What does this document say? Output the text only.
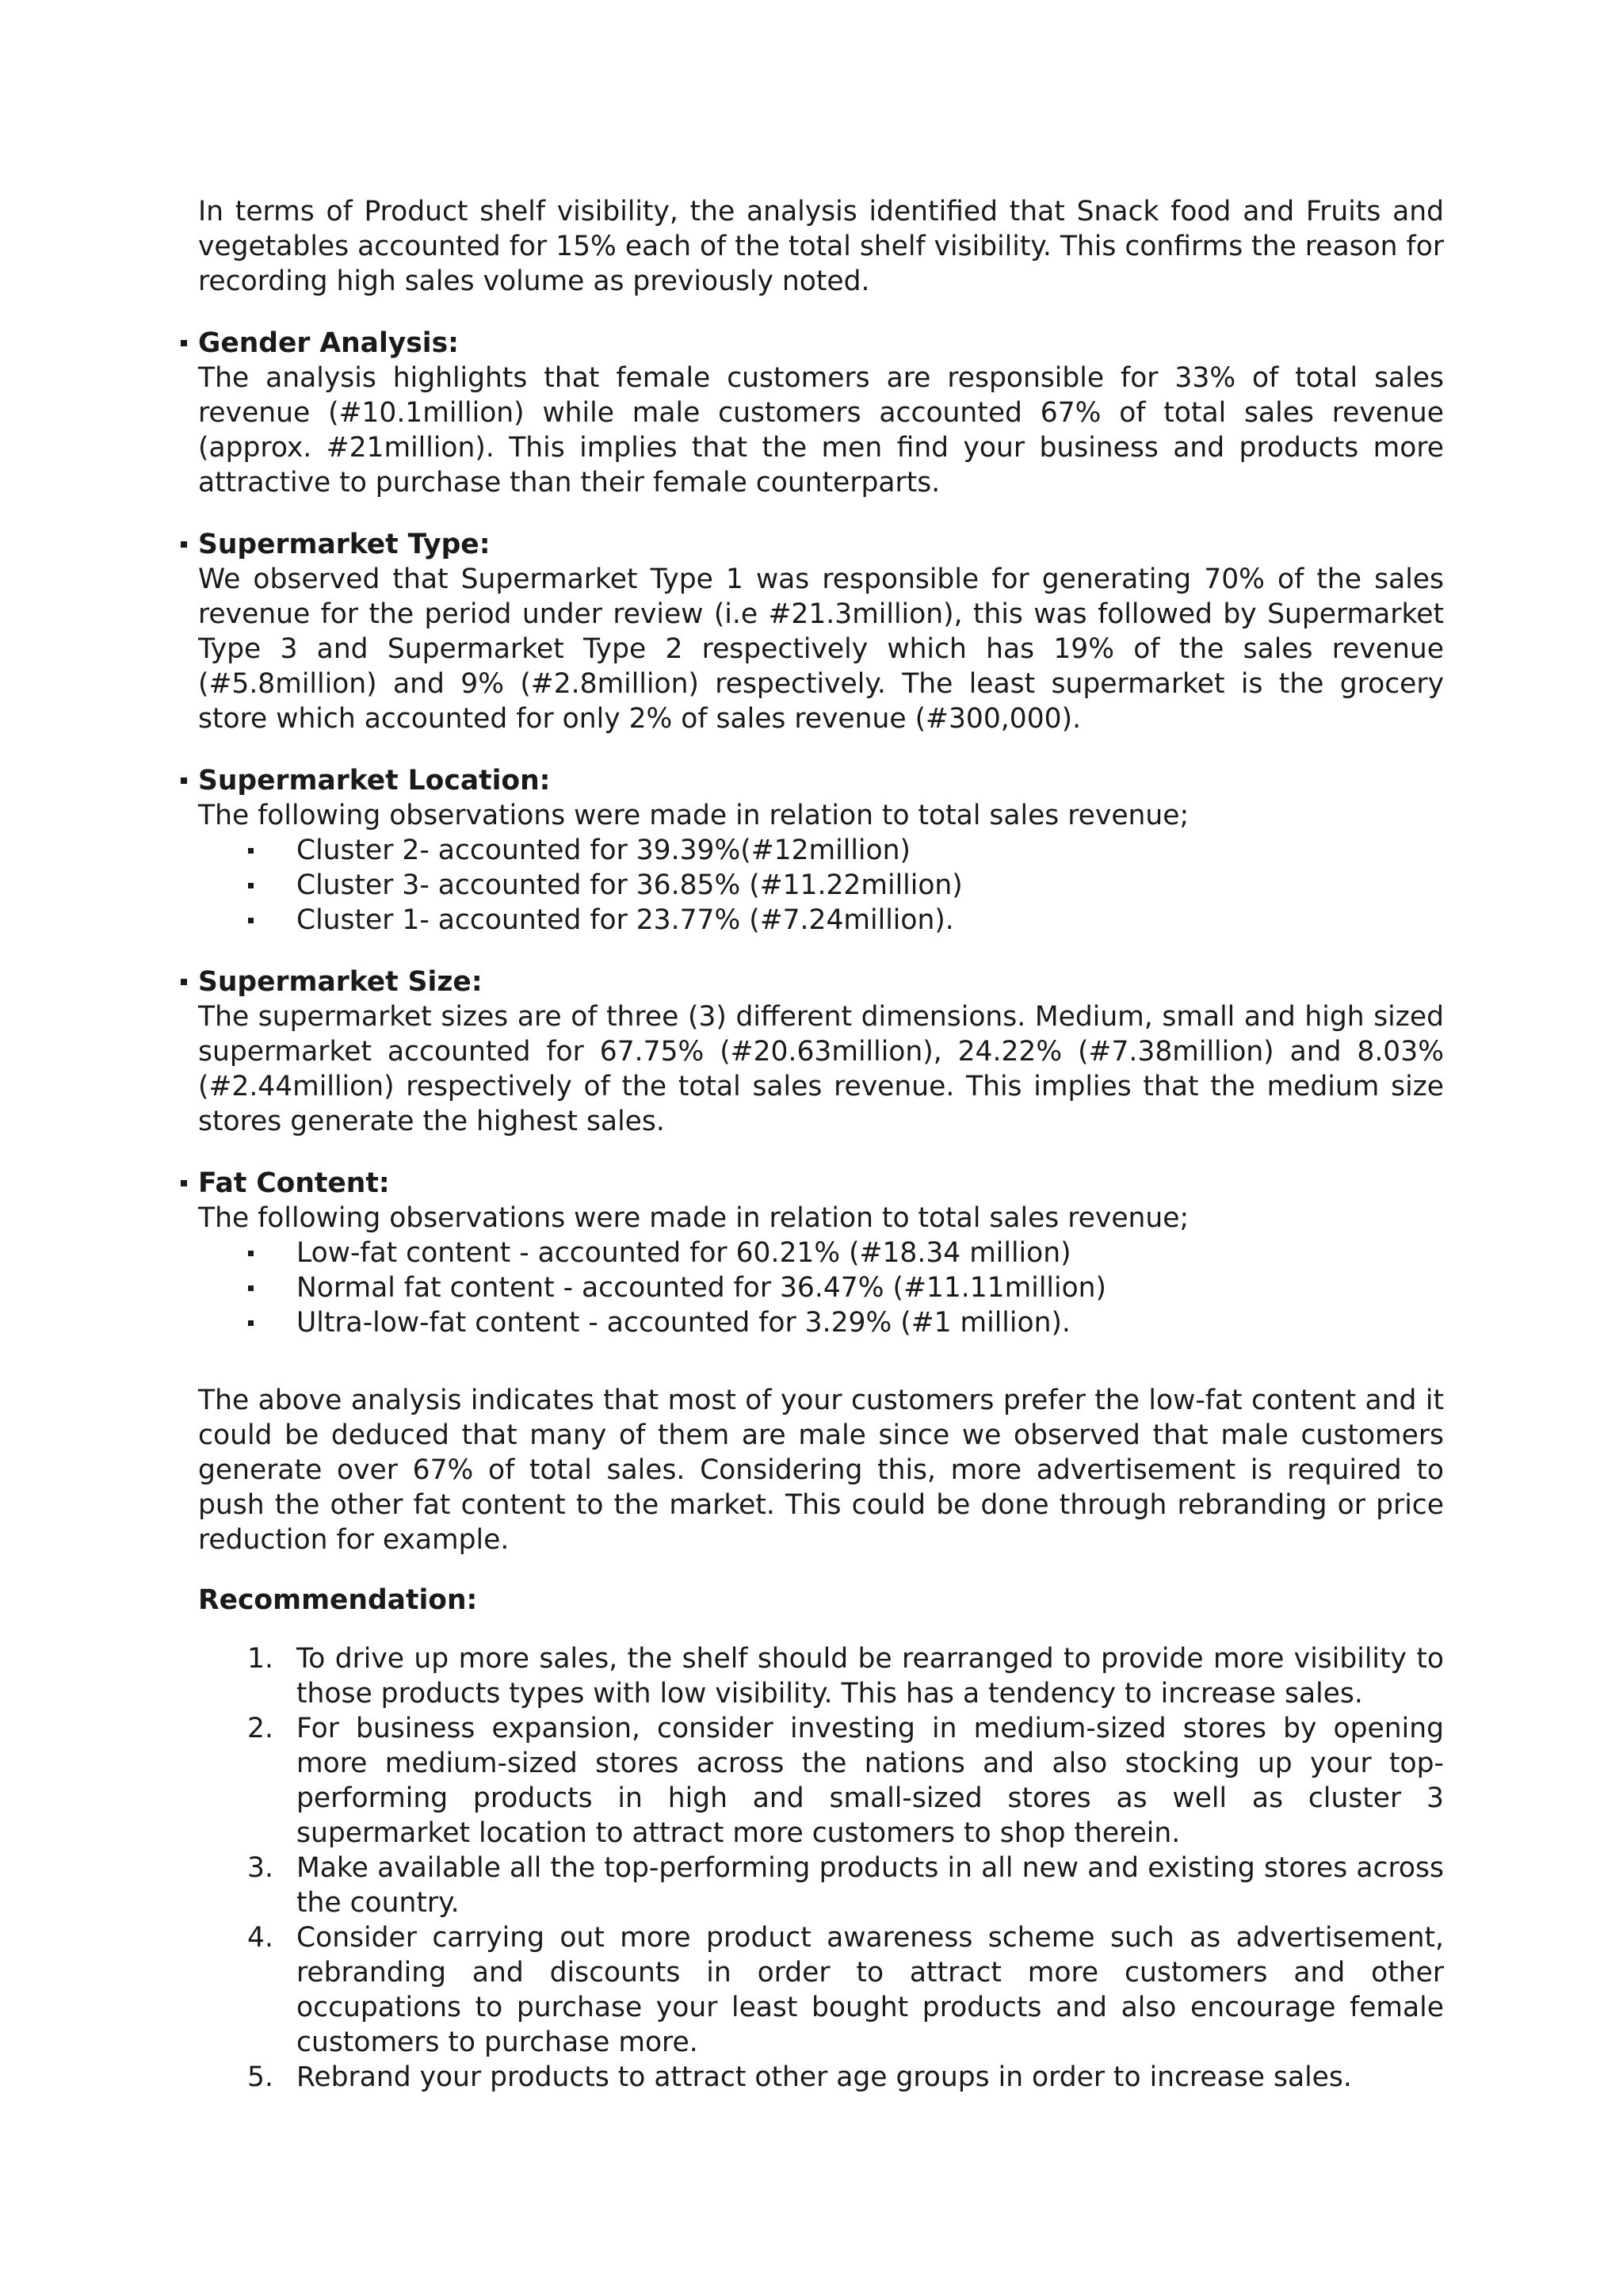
In terms of Product shelf visibility, the analysis identified that Snack food and Fruits and vegetables accounted for 15% each of the total shelf visibility. This confirms the reason for recording high sales volume as previously noted.

Gender Analysis:

The analysis highlights that female customers are responsible for 33% of total sales revenue (#10.1million) while male customers accounted 67% of total sales revenue (approx. #21million). This implies that the men find your business and products more attractive to purchase than their female counterparts.

Supermarket Type:

We observed that Supermarket Type 1 was responsible for generating 70% of the sales revenue for the period under review (i.e #21.3million), this was followed by Supermarket Type 3 and Supermarket Type 2 respectively which has 19% of the sales revenue (#5.8million) and 9% (#2.8million) respectively. The least supermarket is the grocery store which accounted for only 2% of sales revenue (#300,000).

Supermarket Location:

The following observations were made in relation to total sales revenue;

Cluster 2- accounted for 39.39%(#12million)
Cluster 3- accounted for 36.85% (#11.22million)
Cluster 1- accounted for 23.77% (#7.24million).

Supermarket Size:

The supermarket sizes are of three (3) different dimensions. Medium, small and high sized supermarket accounted for 67.75% (#20.63million), 24.22% (#7.38million) and 8.03% (#2.44million) respectively of the total sales revenue. This implies that the medium size stores generate the highest sales.

Fat Content:

The following observations were made in relation to total sales revenue;

Low-fat content - accounted for 60.21% (#18.34 million)
Normal fat content - accounted for 36.47% (#11.11million)
Ultra-low-fat content - accounted for 3.29% (#1 million).

The above analysis indicates that most of your customers prefer the low-fat content and it could be deduced that many of them are male since we observed that male customers generate over 67% of total sales. Considering this, more advertisement is required to push the other fat content to the market. This could be done through rebranding or price reduction for example.

Recommendation:

1. To drive up more sales, the shelf should be rearranged to provide more visibility to those products types with low visibility. This has a tendency to increase sales.
2. For business expansion, consider investing in medium-sized stores by opening more medium-sized stores across the nations and also stocking up your top-performing products in high and small-sized stores as well as cluster 3 supermarket location to attract more customers to shop therein.
3. Make available all the top-performing products in all new and existing stores across the country.
4. Consider carrying out more product awareness scheme such as advertisement, rebranding and discounts in order to attract more customers and other occupations to purchase your least bought products and also encourage female customers to purchase more.
5. Rebrand your products to attract other age groups in order to increase sales.
